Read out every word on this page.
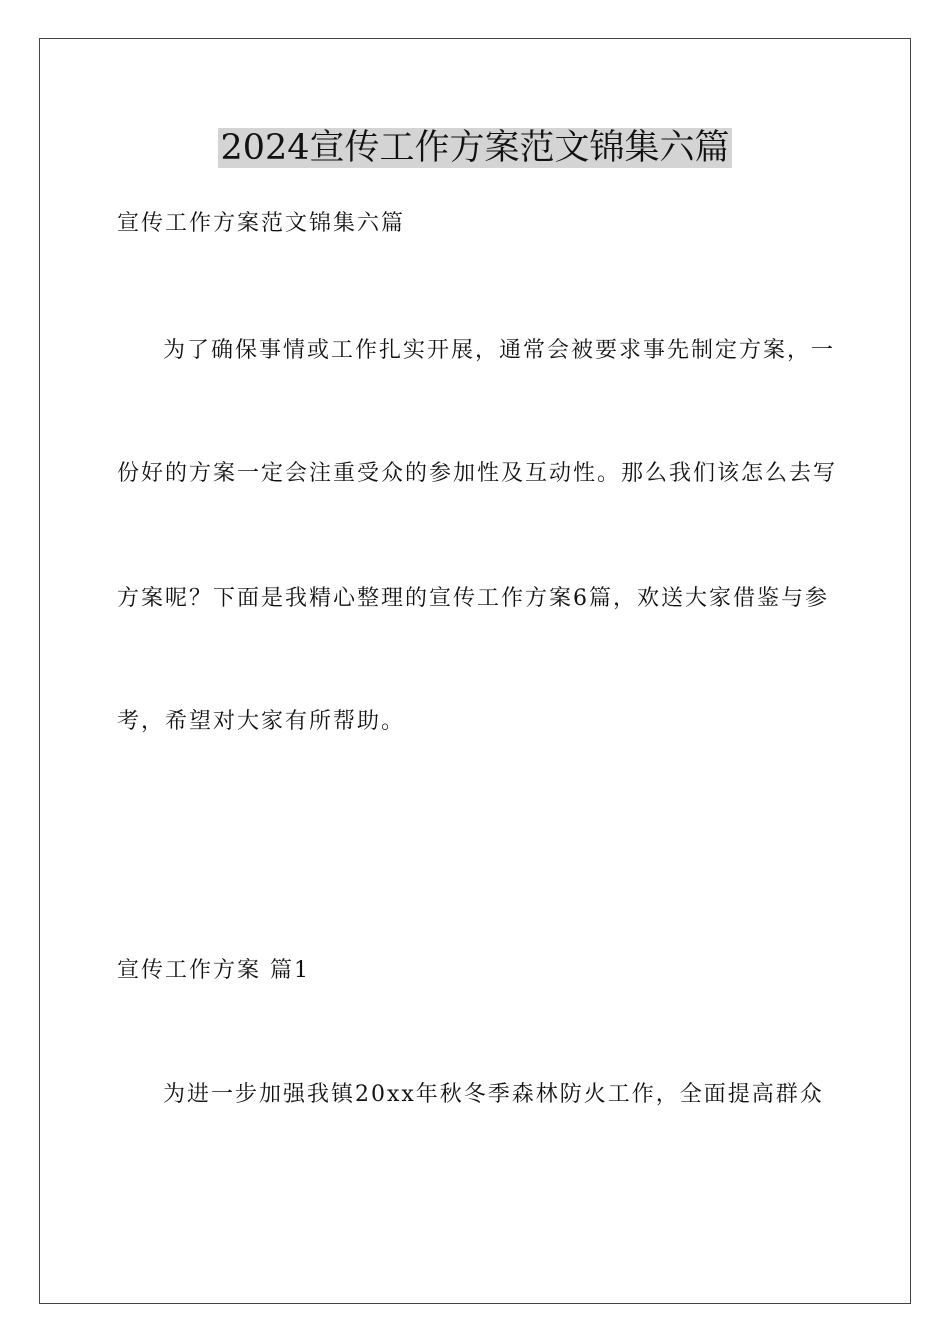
2024宣传工作方案范文锦集六篇

宣传工作方案范文锦集六篇

为了确保事情或工作扎实开展，通常会被要求事先制定方案，一

份好的方案一定会注重受众的参加性及互动性。那么我们该怎么去写

方案呢？下面是我精心整理的宣传工作方案6篇，欢送大家借鉴与参

考，希望对大家有所帮助。

宣传工作方案 篇1

为进一步加强我镇20xx年秋冬季森林防火工作，全面提高群众
